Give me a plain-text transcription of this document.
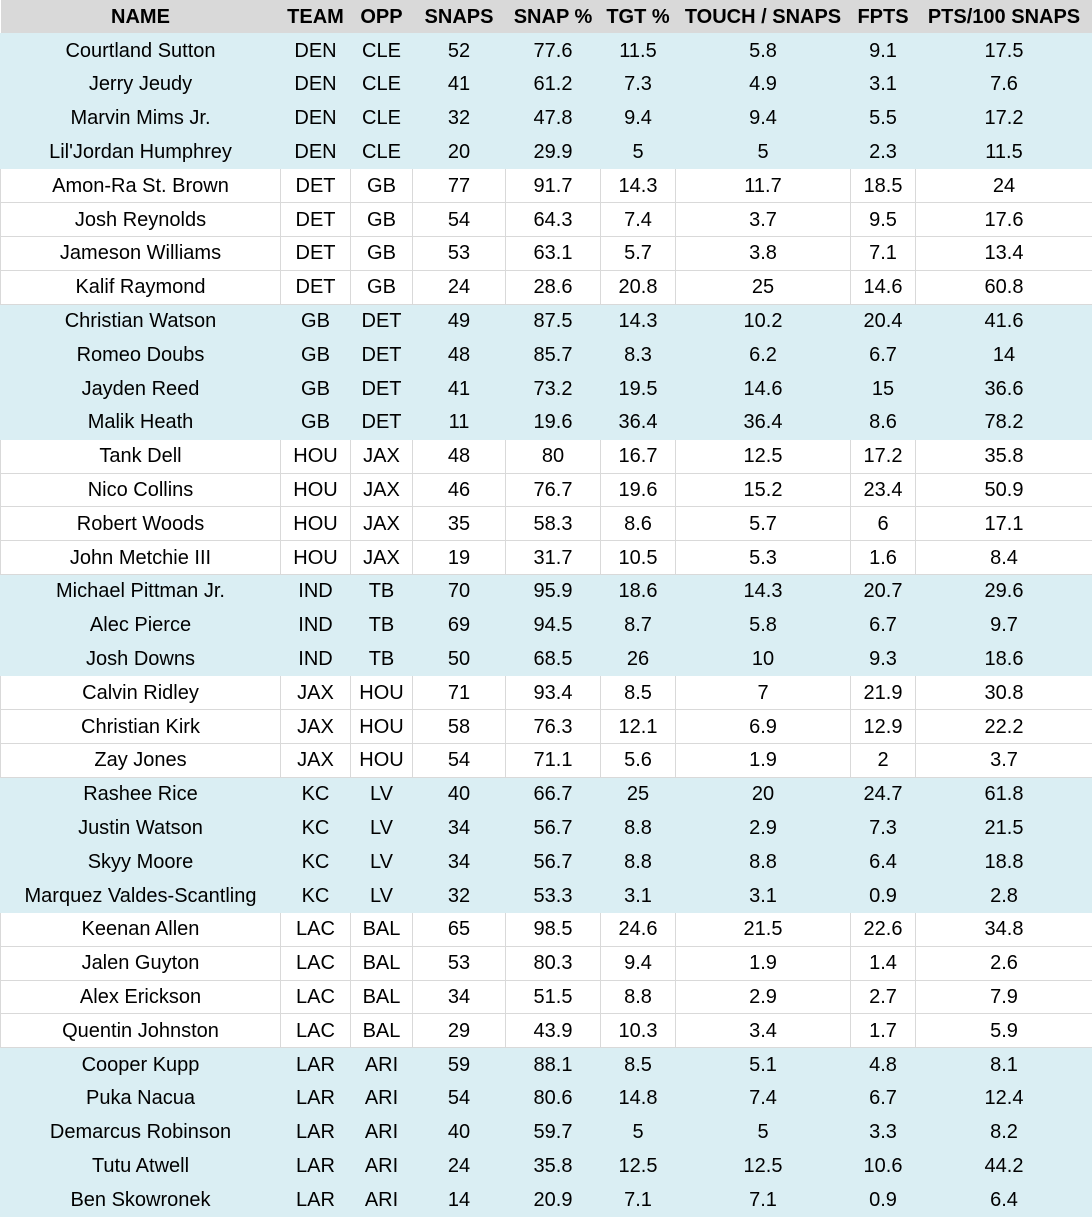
NAME	TEAM	OPP	SNAPS	SNAP %	TGT %	TOUCH / SNAPS	FPTS	PTS/100 SNAPS
Courtland Sutton	DEN	CLE	52	77.6	11.5	5.8	9.1	17.5
Jerry Jeudy	DEN	CLE	41	61.2	7.3	4.9	3.1	7.6
Marvin Mims Jr.	DEN	CLE	32	47.8	9.4	9.4	5.5	17.2
Lil'Jordan Humphrey	DEN	CLE	20	29.9	5	5	2.3	11.5
Amon-Ra St. Brown	DET	GB	77	91.7	14.3	11.7	18.5	24
Josh Reynolds	DET	GB	54	64.3	7.4	3.7	9.5	17.6
Jameson Williams	DET	GB	53	63.1	5.7	3.8	7.1	13.4
Kalif Raymond	DET	GB	24	28.6	20.8	25	14.6	60.8
Christian Watson	GB	DET	49	87.5	14.3	10.2	20.4	41.6
Romeo Doubs	GB	DET	48	85.7	8.3	6.2	6.7	14
Jayden Reed	GB	DET	41	73.2	19.5	14.6	15	36.6
Malik Heath	GB	DET	11	19.6	36.4	36.4	8.6	78.2
Tank Dell	HOU	JAX	48	80	16.7	12.5	17.2	35.8
Nico Collins	HOU	JAX	46	76.7	19.6	15.2	23.4	50.9
Robert Woods	HOU	JAX	35	58.3	8.6	5.7	6	17.1
John Metchie III	HOU	JAX	19	31.7	10.5	5.3	1.6	8.4
Michael Pittman Jr.	IND	TB	70	95.9	18.6	14.3	20.7	29.6
Alec Pierce	IND	TB	69	94.5	8.7	5.8	6.7	9.7
Josh Downs	IND	TB	50	68.5	26	10	9.3	18.6
Calvin Ridley	JAX	HOU	71	93.4	8.5	7	21.9	30.8
Christian Kirk	JAX	HOU	58	76.3	12.1	6.9	12.9	22.2
Zay Jones	JAX	HOU	54	71.1	5.6	1.9	2	3.7
Rashee Rice	KC	LV	40	66.7	25	20	24.7	61.8
Justin Watson	KC	LV	34	56.7	8.8	2.9	7.3	21.5
Skyy Moore	KC	LV	34	56.7	8.8	8.8	6.4	18.8
Marquez Valdes-Scantling	KC	LV	32	53.3	3.1	3.1	0.9	2.8
Keenan Allen	LAC	BAL	65	98.5	24.6	21.5	22.6	34.8
Jalen Guyton	LAC	BAL	53	80.3	9.4	1.9	1.4	2.6
Alex Erickson	LAC	BAL	34	51.5	8.8	2.9	2.7	7.9
Quentin Johnston	LAC	BAL	29	43.9	10.3	3.4	1.7	5.9
Cooper Kupp	LAR	ARI	59	88.1	8.5	5.1	4.8	8.1
Puka Nacua	LAR	ARI	54	80.6	14.8	7.4	6.7	12.4
Demarcus Robinson	LAR	ARI	40	59.7	5	5	3.3	8.2
Tutu Atwell	LAR	ARI	24	35.8	12.5	12.5	10.6	44.2
Ben Skowronek	LAR	ARI	14	20.9	7.1	7.1	0.9	6.4
